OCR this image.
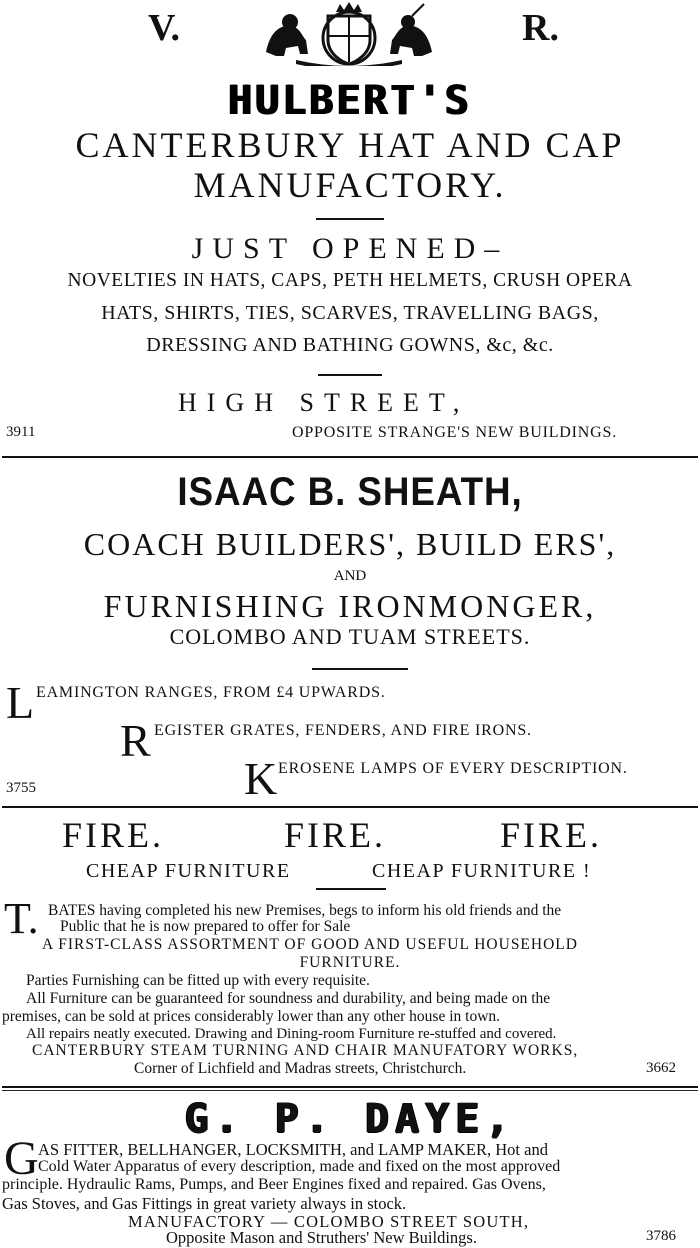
V.	R.
HULBERT'S
CANTERBURY HAT AND CAP
MANUFACTORY.
JUST OPENED–
NOVELTIES IN HATS, CAPS, PETH HELMETS, CRUSH OPERA
HATS, SHIRTS, TIES, SCARVES, TRAVELLING BAGS,
DRESSING AND BATHING GOWNS, &c, &c.
HIGH STREET,
3911	OPPOSITE STRANGE'S NEW BUILDINGS.
ISAAC B. SHEATH,
COACH BUILDERS', BUILD ERS',
AND
FURNISHING IRONMONGER,
COLOMBO AND TUAM STREETS.
L EAMINGTON RANGES, FROM £4 UPWARDS.
R EGISTER GRATES, FENDERS, AND FIRE IRONS.
3755	K EROSENE LAMPS OF EVERY DESCRIPTION.
FIRE.	FIRE.	FIRE.
CHEAP FURNITURE	CHEAP FURNITURE !
T. BATES having completed his new Premises, begs to inform his old friends and the
Public that he is now prepared to offer for Sale
A FIRST-CLASS ASSORTMENT OF GOOD AND USEFUL HOUSEHOLD
FURNITURE.
Parties Furnishing can be fitted up with every requisite.
All Furniture can be guaranteed for soundness and durability, and being made on the
premises, can be sold at prices considerably lower than any other house in town.
All repairs neatly executed. Drawing and Dining-room Furniture re-stuffed and covered.
CANTERBURY STEAM TURNING AND CHAIR MANUFATORY WORKS,
Corner of Lichfield and Madras streets, Christchurch.	3662
G. P. DAYE,
G AS FITTER, BELLHANGER, LOCKSMITH, and LAMP MAKER, Hot and
Cold Water Apparatus of every description, made and fixed on the most approved
principle. Hydraulic Rams, Pumps, and Beer Engines fixed and repaired. Gas Ovens,
Gas Stoves, and Gas Fittings in great variety always in stock.
MANUFACTORY — COLOMBO STREET SOUTH,
Opposite Mason and Struthers' New Buildings.	3786
